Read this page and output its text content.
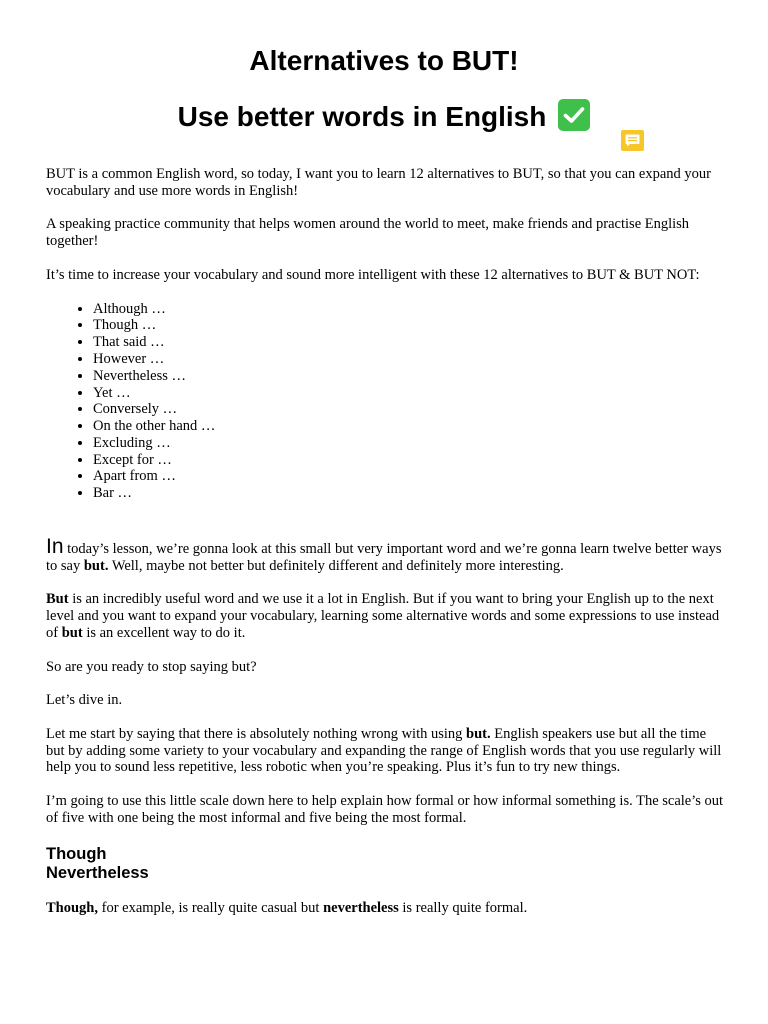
Alternatives to BUT!
Use better words in English

BUT is a common English word, so today, I want you to learn 12 alternatives to BUT, so that you can expand your vocabulary and use more words in English!

A speaking practice community that helps women around the world to meet, make friends and practise English together!

It’s time to increase your vocabulary and sound more intelligent with these 12 alternatives to BUT & BUT NOT:

• Although …
• Though …
• That said …
• However …
• Nevertheless …
• Yet …
• Conversely …
• On the other hand …
• Excluding …
• Except for …
• Apart from …
• Bar …

In today’s lesson, we’re gonna look at this small but very important word and we’re gonna learn twelve better ways to say but. Well, maybe not better but definitely different and definitely more interesting.

But is an incredibly useful word and we use it a lot in English. But if you want to bring your English up to the next level and you want to expand your vocabulary, learning some alternative words and some expressions to use instead of but is an excellent way to do it.

So are you ready to stop saying but?

Let’s dive in.

Let me start by saying that there is absolutely nothing wrong with using but. English speakers use but all the time but by adding some variety to your vocabulary and expanding the range of English words that you use regularly will help you to sound less repetitive, less robotic when you’re speaking. Plus it’s fun to try new things.

I’m going to use this little scale down here to help explain how formal or how informal something is. The scale’s out of five with one being the most informal and five being the most formal.

Though
Nevertheless

Though, for example, is really quite casual but nevertheless is really quite formal.
